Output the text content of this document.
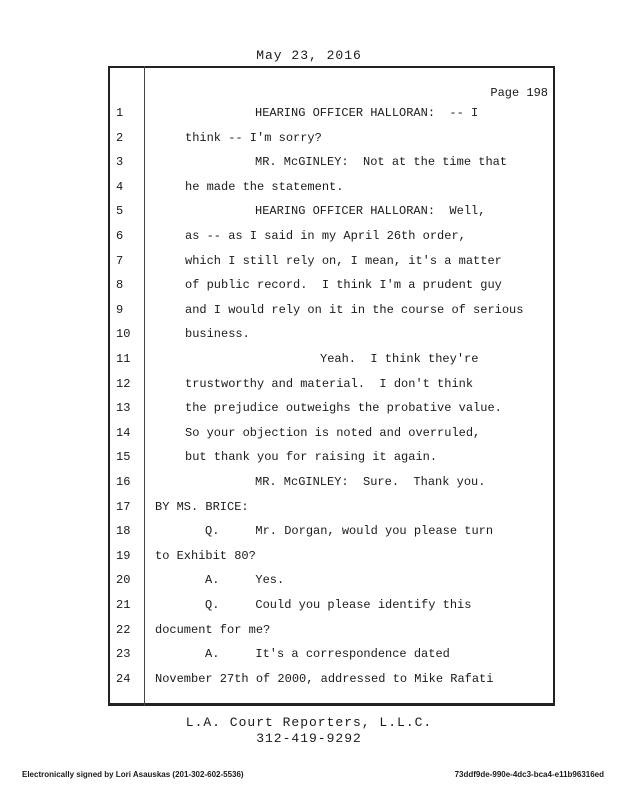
May 23, 2016
Page 198
1	HEARING OFFICER HALLORAN:  -- I
2	think -- I'm sorry?
3	MR. McGINLEY:  Not at the time that
4	he made the statement.
5	HEARING OFFICER HALLORAN:  Well,
6	as -- as I said in my April 26th order,
7	which I still rely on, I mean, it's a matter
8	of public record.  I think I'm a prudent guy
9	and I would rely on it in the course of serious
10	business.
11	Yeah.  I think they're
12	trustworthy and material.  I don't think
13	the prejudice outweighs the probative value.
14	So your objection is noted and overruled,
15	but thank you for raising it again.
16	MR. McGINLEY:  Sure.  Thank you.
17	BY MS. BRICE:
18	Q.     Mr. Dorgan, would you please turn
19	to Exhibit 80?
20	A.     Yes.
21	Q.     Could you please identify this
22	document for me?
23	A.     It's a correspondence dated
24	November 27th of 2000, addressed to Mike Rafati
L.A. Court Reporters, L.L.C.
312-419-9292
Electronically signed by Lori Asauskas (201-302-602-5536)	73ddf9de-990e-4dc3-bca4-e11b96316ed
